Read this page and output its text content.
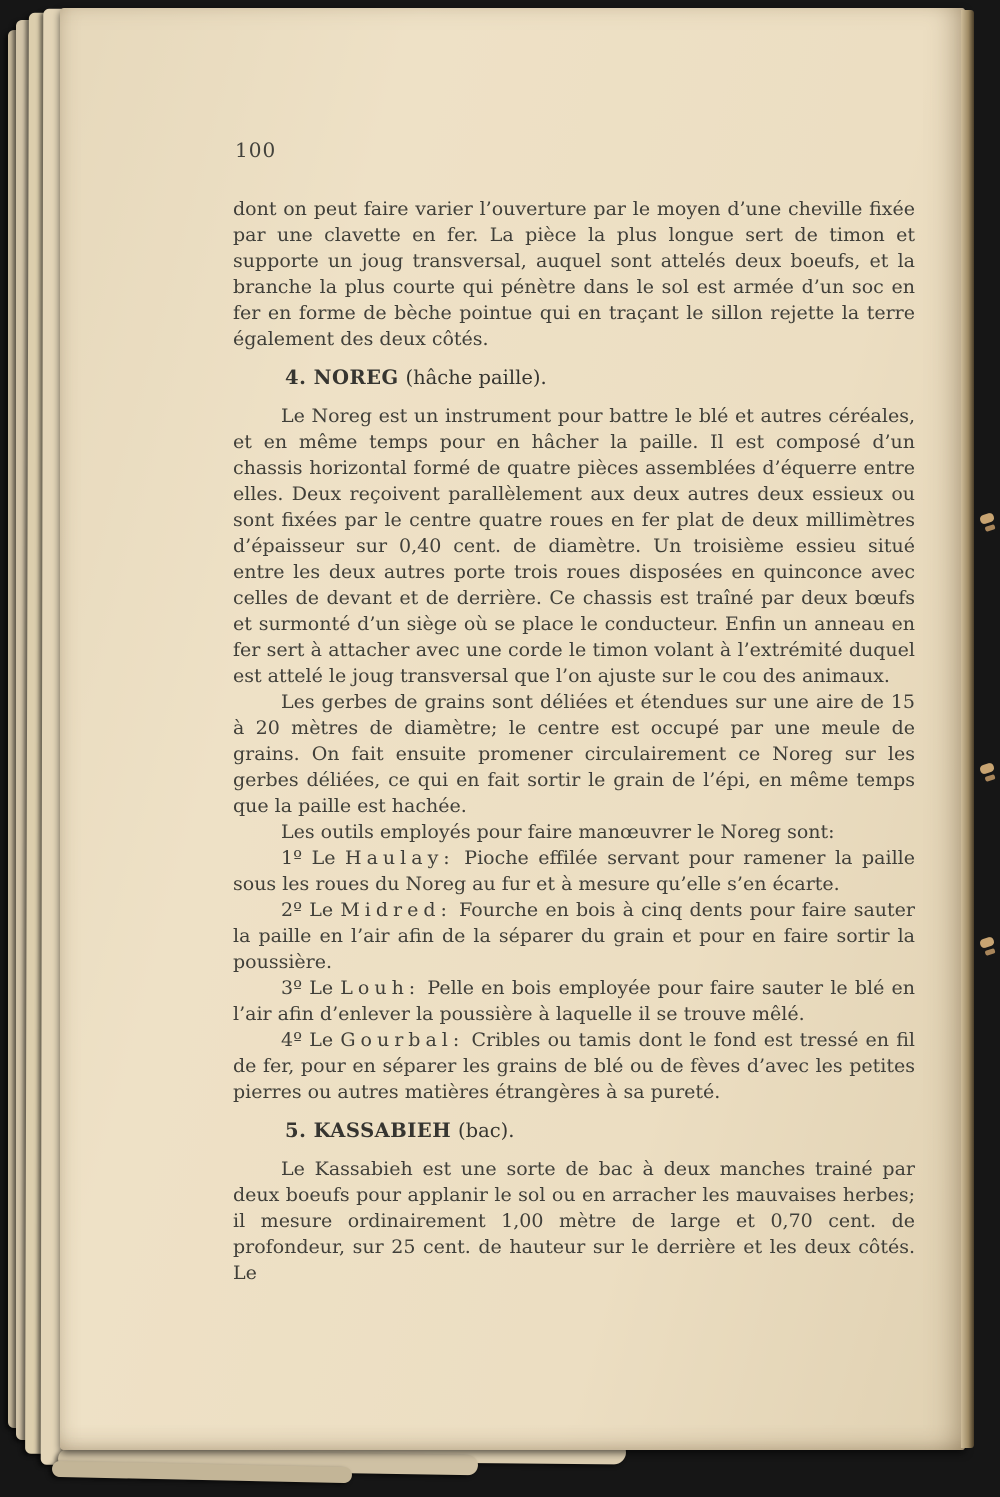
100

dont on peut faire varier l’ouverture par le moyen d’une cheville fixée par une clavette en fer. La pièce la plus longue sert de timon et supporte un joug transversal, auquel sont attelés deux boeufs, et la branche la plus courte qui pénètre dans le sol est armée d’un soc en fer en forme de bèche pointue qui en traçant le sillon rejette la terre également des deux côtés.

4. NOREG (hâche paille).

Le Noreg est un instrument pour battre le blé et autres céréales, et en même temps pour en hâcher la paille. Il est composé d’un chassis horizontal formé de quatre pièces assemblées d’équerre entre elles. Deux reçoivent parallèlement aux deux autres deux essieux ou sont fixées par le centre quatre roues en fer plat de deux millimètres d’épaisseur sur 0,40 cent. de diamètre. Un troisième essieu situé entre les deux autres porte trois roues disposées en quinconce avec celles de devant et de derrière. Ce chassis est traîné par deux bœufs et surmonté d’un siège où se place le conducteur. Enfin un anneau en fer sert à attacher avec une corde le timon volant à l’extrémité duquel est attelé le joug transversal que l’on ajuste sur le cou des animaux.

Les gerbes de grains sont déliées et étendues sur une aire de 15 à 20 mètres de diamètre; le centre est occupé par une meule de grains. On fait ensuite promener circulairement ce Noreg sur les gerbes déliées, ce qui en fait sortir le grain de l’épi, en même temps que la paille est hachée.

Les outils employés pour faire manœuvrer le Noreg sont:

1º Le Haulay: Pioche effilée servant pour ramener la paille sous les roues du Noreg au fur et à mesure qu’elle s’en écarte.

2º Le Midred: Fourche en bois à cinq dents pour faire sauter la paille en l’air afin de la séparer du grain et pour en faire sortir la poussière.

3º Le Louh: Pelle en bois employée pour faire sauter le blé en l’air afin d’enlever la poussière à laquelle il se trouve mêlé.

4º Le Gourbal: Cribles ou tamis dont le fond est tressé en fil de fer, pour en séparer les grains de blé ou de fèves d’avec les petites pierres ou autres matières étrangères à sa pureté.

5. KASSABIEH (bac).

Le Kassabieh est une sorte de bac à deux manches trainé par deux boeufs pour applanir le sol ou en arracher les mauvaises herbes; il mesure ordinairement 1,00 mètre de large et 0,70 cent. de profondeur, sur 25 cent. de hauteur sur le derrière et les deux côtés. Le
